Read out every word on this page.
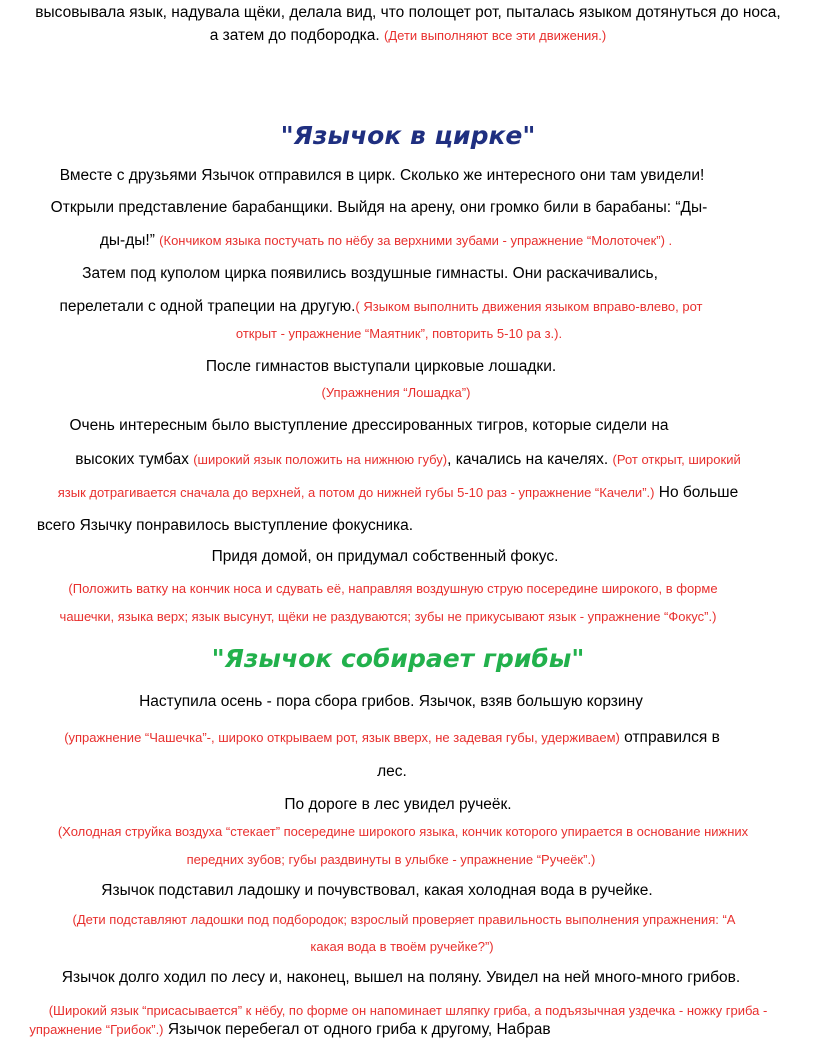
высовывала язык, надувала щёки, делала вид, что полощет рот, пыталась языком дотянуться до носа,
а затем до подбородка. (Дети выполняют все эти движения.)
"Язычок в цирке"
Вместе с друзьями Язычок отправился в цирк. Сколько же интересного они там увидели!
Открыли представление барабанщики. Выйдя на арену, они громко били в барабаны: “Ды-
ды-ды!” (Кончиком языка постучать по нёбу за верхними зубами - упражнение “Молоточек”) .
Затем под куполом цирка появились воздушные гимнасты. Они раскачивались,
перелетали с одной трапеции на другую.( Языком выполнить движения языком вправо-влево, рот
открыт - упражнение “Маятник”, повторить 5-10 ра з.).
После гимнастов выступали цирковые лошадки.
(Упражнения “Лошадка”)
Очень интересным было выступление дрессированных тигров, которые сидели на
высоких тумбах (широкий язык положить на нижнюю губу), качались на качелях. (Рот открыт, широкий
язык дотрагивается сначала до верхней, а потом до нижней губы 5-10 раз - упражнение “Качели”.) Но больше
всего Язычку понравилось выступление фокусника.
Придя домой, он придумал собственный фокус.
(Положить ватку на кончик носа и сдувать её, направляя воздушную струю посередине широкого, в форме
чашечки, языка верх; язык высунут, щёки не раздуваются; зубы не прикусывают язык - упражнение “Фокус”.)
"Язычок собирает грибы"
Наступила осень - пора сбора грибов. Язычок, взяв большую корзину
(упражнение “Чашечка”-, широко открываем рот, язык вверх, не задевая губы, удерживаем) отправился в
лес.
По дороге в лес увидел ручеёк.
(Холодная струйка воздуха “стекает” посередине широкого языка, кончик которого упирается в основание нижних
передних зубов; губы раздвинуты в улыбке - упражнение “Ручеёк”.)
Язычок подставил ладошку и почувствовал, какая холодная вода в ручейке.
(Дети подставляют ладошки под подбородок; взрослый проверяет правильность выполнения упражнения: “А
какая вода в твоём ручейке?”)
Язычок долго ходил по лесу и, наконец, вышел на поляну. Увидел на ней много-много грибов.
(Широкий язык “присасывается” к нёбу, по форме он напоминает шляпку гриба, а подъязычная уздечка - ножку гриба -
упражнение “Грибок”.) Язычок перебегал от одного гриба к другому, Набрав
